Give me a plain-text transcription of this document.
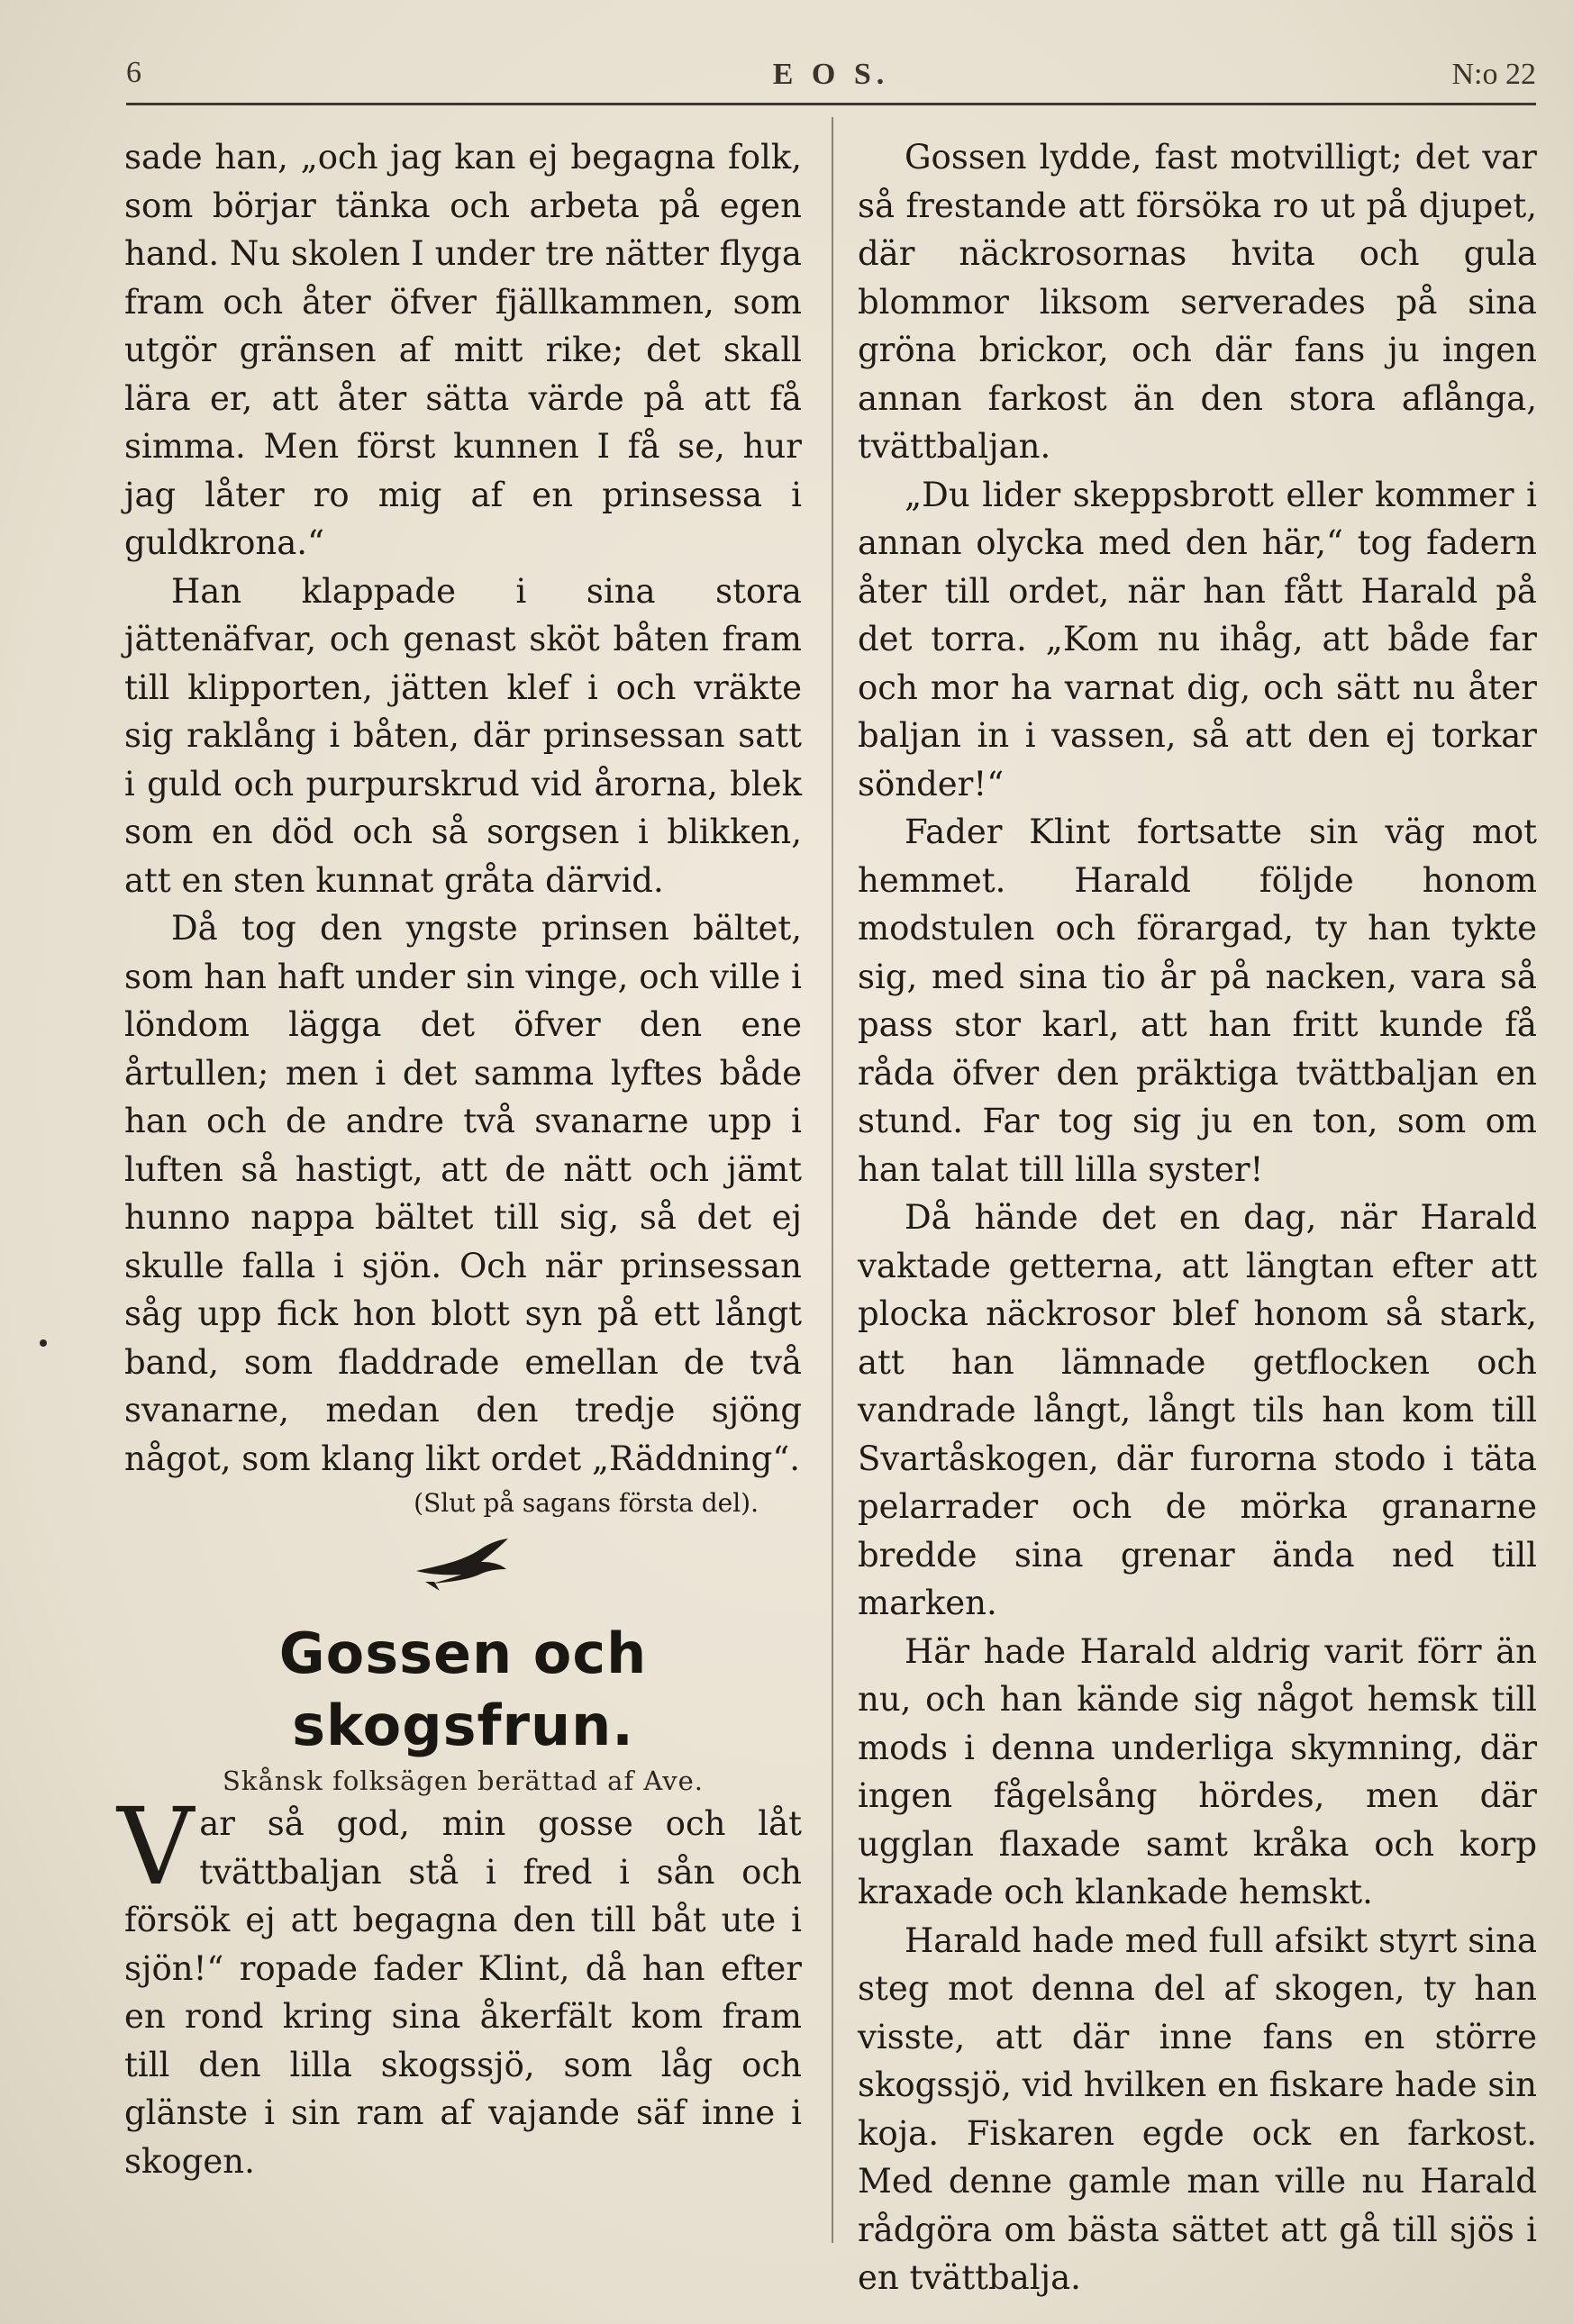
6	E O S.	N:o 22

sade han, „och jag kan ej begagna folk, som börjar tänka och arbeta på egen hand. Nu skolen I under tre nätter flyga fram och åter öfver fjällkammen, som utgör gränsen af mitt rike; det skall lära er, att åter sätta värde på att få simma. Men först kunnen I få se, hur jag låter ro mig af en prinsessa i guldkrona.“

Han klappade i sina stora jättenäfvar, och genast sköt båten fram till klipporten, jätten klef i och vräkte sig raklång i båten, där prinsessan satt i guld och purpurskrud vid årorna, blek som en död och så sorgsen i blikken, att en sten kunnat gråta därvid.

Då tog den yngste prinsen bältet, som han haft under sin vinge, och ville i löndom lägga det öfver den ene årtullen; men i det samma lyftes både han och de andre två svanarne upp i luften så hastigt, att de nätt och jämt hunno nappa bältet till sig, så det ej skulle falla i sjön. Och när prinsessan såg upp fick hon blott syn på ett långt band, som fladdrade emellan de två svanarne, medan den tredje sjöng något, som klang likt ordet „Räddning“.

(Slut på sagans första del).

Gossen och skogsfrun.

Skånsk folksägen berättad af Ave.

Var så god, min gosse och låt tvättbaljan stå i fred i sån och försök ej att begagna den till båt ute i sjön!“ ropade fader Klint, då han efter en rond kring sina åkerfält kom fram till den lilla skogssjö, som låg och glänste i sin ram af vajande säf inne i skogen.

Gossen lydde, fast motvilligt; det var så frestande att försöka ro ut på djupet, där näckrosornas hvita och gula blommor liksom serverades på sina gröna brickor, och där fans ju ingen annan farkost än den stora aflånga, tvättbaljan.

„Du lider skeppsbrott eller kommer i annan olycka med den här,“ tog fadern åter till ordet, när han fått Harald på det torra. „Kom nu ihåg, att både far och mor ha varnat dig, och sätt nu åter baljan in i vassen, så att den ej torkar sönder!“

Fader Klint fortsatte sin väg mot hemmet. Harald följde honom modstulen och förargad, ty han tykte sig, med sina tio år på nacken, vara så pass stor karl, att han fritt kunde få råda öfver den präktiga tvättbaljan en stund. Far tog sig ju en ton, som om han talat till lilla syster!

Då hände det en dag, när Harald vaktade getterna, att längtan efter att plocka näckrosor blef honom så stark, att han lämnade getflocken och vandrade långt, långt tils han kom till Svartåskogen, där furorna stodo i täta pelarrader och de mörka granarne bredde sina grenar ända ned till marken.

Här hade Harald aldrig varit förr än nu, och han kände sig något hemsk till mods i denna underliga skymning, där ingen fågelsång hördes, men där ugglan flaxade samt kråka och korp kraxade och klankade hemskt.

Harald hade med full afsikt styrt sina steg mot denna del af skogen, ty han visste, att där inne fans en större skogssjö, vid hvilken en fiskare hade sin koja. Fiskaren egde ock en farkost. Med denne gamle man ville nu Harald rådgöra om bästa sättet att gå till sjös i en tvättbalja.
